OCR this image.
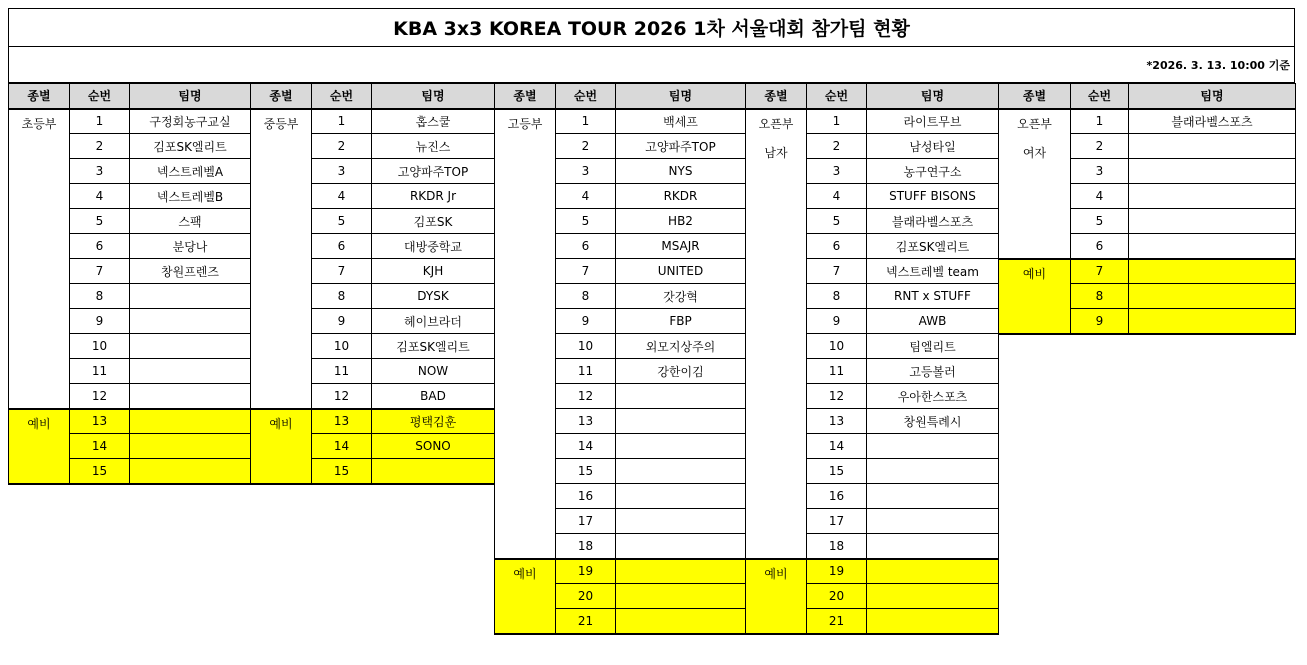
KBA 3x3 KOREA TOUR 2026 1차 서울대회 참가팀 현황
*2026. 3. 13. 10:00 기준
종별	순번	팀명
초등부	1	구정회농구교실
	2	김포SK엘리트
	3	넥스트레벨A
	4	넥스트레벨B
	5	스팩
	6	분당나
	7	창원프렌즈
	8	
	9	
	10	
	11	
	12	
예비	13	
	14	
	15	
종별	순번	팀명
중등부	1	홉스쿨
	2	뉴진스
	3	고양파주TOP
	4	RKDR Jr
	5	김포SK
	6	대방중학교
	7	KJH
	8	DYSK
	9	헤이브라더
	10	김포SK엘리트
	11	NOW
	12	BAD
예비	13	평택김훈
	14	SONO
	15	
종별	순번	팀명
고등부	1	백세프
	2	고양파주TOP
	3	NYS
	4	RKDR
	5	HB2
	6	MSAJR
	7	UNITED
	8	갓강혁
	9	FBP
	10	외모지상주의
	11	강한이김
	12	
	13	
	14	
	15	
	16	
	17	
	18	
예비	19	
	20	
	21	
종별	순번	팀명
오픈부
남자	1	라이트무브
	2	남성타일
	3	농구연구소
	4	STUFF BISONS
	5	블래라벨스포츠
	6	김포SK엘리트
	7	넥스트레벨 team
	8	RNT x STUFF
	9	AWB
	10	팀엘리트
	11	고등볼러
	12	우아한스포츠
	13	창원특례시
	14	
	15	
	16	
	17	
	18	
예비	19	
	20	
	21	
종별	순번	팀명
오픈부
여자	1	블래라벨스포츠
	2	
	3	
	4	
	5	
	6	
예비	7	
	8	
	9	
